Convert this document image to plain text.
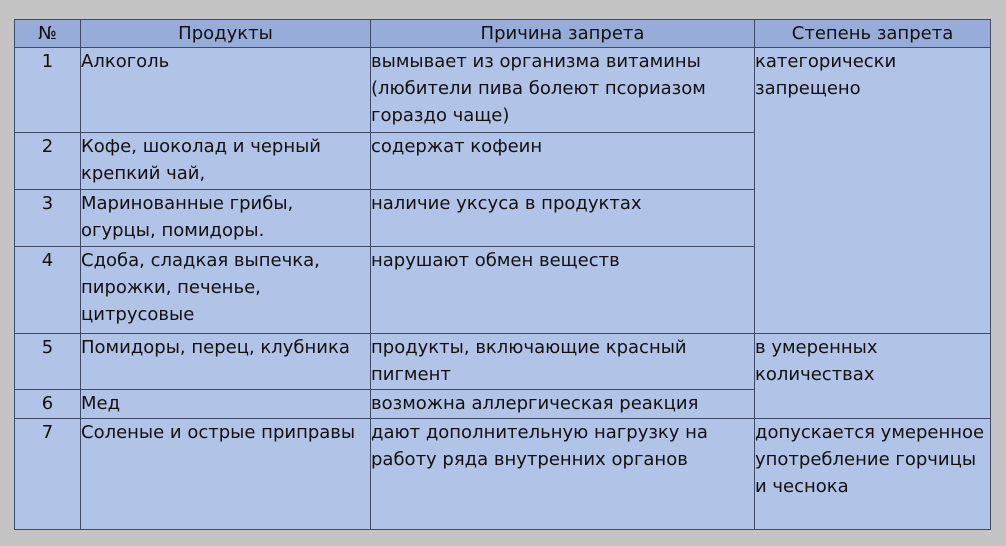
№	Продукты	Причина запрета	Степень запрета
1	Алкоголь	вымывает из организма витамины (любители пива болеют псориазом гораздо чаще)	категорически запрещено
2	Кофе, шоколад и черный крепкий чай,	содержат кофеин	
3	Маринованные грибы, огурцы, помидоры.	наличие уксуса в продуктах	
4	Сдоба, сладкая выпечка, пирожки, печенье, цитрусовые	нарушают обмен веществ	
5	Помидоры, перец, клубника	продукты, включающие красный пигмент	в умеренных количествах
6	Мед	возможна аллергическая реакция	
7	Соленые и острые приправы	дают дополнительную нагрузку на работу ряда внутренних органов	допускается умеренное употребление горчицы и чеснока
